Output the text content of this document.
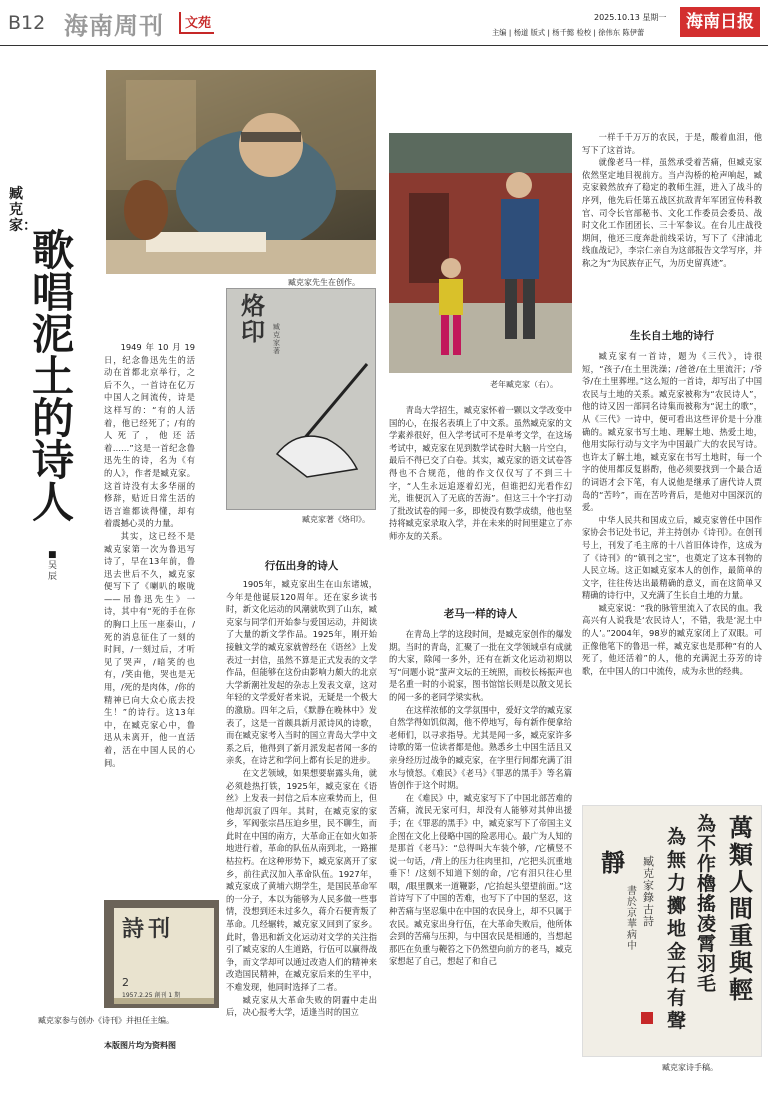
B12 海南周刊	文苑	2025.10.13 星期一
主编 | 杨道 版式 | 杨千懿 检校 | 徐伟东 陈伊蕾
海南日报
臧克家：
歌唱泥土的诗人
■ 吴辰
臧克家先生在创作。

1949年10月19日，纪念鲁迅先生的活动在首都北京举行，之后不久，一首诗在亿万中国人之间流传，诗是这样写的：“有的人活着，他已经死了；/有的人死了，他还活着……”这是一首纪念鲁迅先生的诗，名为《有的人》，作者是臧克家。这首诗没有太多华丽的修辞，贴近日常生活的语言谁都读得懂，却有着震撼心灵的力量。

其实，这已经不是臧克家第一次为鲁迅写诗了，早在13年前，鲁迅去世后不久，臧克家便写下了《喇叭的喉咙——吊鲁迅先生》一诗，其中有“死的手在你的胸口上压一座泰山，/死的消息征住了一刻的时间，/一刻过后，才听见了哭声，/暗笑的也有，/笑由他，哭也是无用，/死的是肉体，/你的精神已向大众心底去投生！”的诗行。这13年中，在臧克家心中，鲁迅从未离开，他一直活着，活在中国人民的心间。

烙印	臧克家著
臧克家著《烙印》。
老年臧克家（右）。
詩刊
2
1957.2.25 創刊 1 期
臧克家参与创办《诗刊》并担任主编。
本版图片均为资料图
行伍出身的诗人

1905年，臧克家出生在山东诸城，今年是他诞辰120周年。还在家乡读书时，新文化运动的风潮就吹到了山东，臧克家与同学们开始参与爱国运动，并阅读了大量的新文学作品。1925年，刚开始接触文学的臧克家就曾经在《语丝》上发表过一封信，虽然不算是正式发表的文学作品，但能够在这份由影响力颇大的北京大学新潮社发起的杂志上发表文章，这对年轻的文学爱好者来说，无疑是一个极大的激励。四年之后，《默静在晚林中》发表了，这是一首颇具新月派诗风的诗歌，而在臧克家考入当时的国立青岛大学中文系之后，他得到了新月派发起者闻一多的亲炙，在诗艺和学问上都有长足的进步。

在文艺领域，如果想要崭露头角，就必须趁热打铁，1925年，臧克家在《语丝》上发表一封信之后本应乘势而上，但他却沉寂了四年。其时，在臧克家的家乡，军阀张宗昌压迫乡里，民不聊生，而此时在中国的南方，大革命正在如火如荼地进行着，革命的队伍从南到北，一路摧枯拉朽。在这种形势下，臧克家离开了家乡，前往武汉加入革命队伍。1927年，臧克家成了黄埔六期学生，是国民革命军的一分子，本以为能够为人民多做一些事情，没想到还未过多久，蒋介石便背叛了革命。几经辗转，臧克家又回到了家乡。此时，鲁迅和新文化运动对文学的关注指引了臧克家的人生道路，行伍可以赢得战争，而文学却可以通过改造人们的精神来改造国民精神，在臧克家后来的生平中，不难发现，他同时选择了二者。

臧克家从大革命失败的阴霾中走出后，决心报考大学，适逢当时的国立

青岛大学招生，臧克家怀着一颗以文学改变中国的心，在报名表填上了中文系。虽然臧克家的文学素养很好，但入学考试可不是单考文学，在这场考试中，臧克家在见到数学试卷时大脑一片空白，最后不得已交了白卷。其实，臧克家的语文试卷答得也不合规范，他的作文仅仅写了不到三十字，“人生永远追逐着幻光，但谁把幻光看作幻光，谁便沉入了无底的苦海”。但这三十个字打动了批改试卷的闻一多，即使没有数学成绩，他也坚持将臧克家录取入学，并在未来的时间里建立了亦师亦友的关系。

老马一样的诗人

在青岛上学的这段时间，是臧克家创作的爆发期。当时的青岛，汇聚了一批在文学领域卓有成就的大家，除闻一多外，还有在新文化运动初期以写“问题小说”蜚声文坛的王统照，而校长杨振声也是名重一时的小说家，图书馆馆长则是以散文见长的闻一多的老同学梁实秋。

在这样浓郁的文学氛围中，爱好文学的臧克家自然学得如饥似渴，他不停地写，每有新作便拿给老师们，以寻求指导。尤其是闻一多，臧克家许多诗歌的第一位读者都是他。熟悉乡土中国生活且又亲身经历过战争的臧克家，在字里行间都充满了泪水与愤怒。《难民》《老马》《罪恶的黑手》等名篇皆创作于这个时期。

在《难民》中，臧克家写下了中国北部苦难的苦痛，流民无家可归，却没有人能够对其伸出援手；在《罪恶的黑手》中，臧克家写下了帝国主义企图在文化上侵略中国的险恶用心。最广为人知的是那首《老马》：“总得叫大车装个够，/它横竖不说一句话，/背上的压力往肉里扣，/它把头沉重地垂下！/这刻不知道下刻的命，/它有泪只往心里咽，/眼里飘来一道鞭影，/它抬起头望望前面。”这首诗写下了中国的苦难，也写下了中国的坚忍，这种苦痛与坚忍集中在中国的农民身上，却不只属于农民。臧克家出身行伍，在大革命失败后，他所体会到的苦痛与压抑，与中国农民是相通的，当想起那匹在负重与鞭笞之下仍然望向前方的老马，臧克家想起了自己，想起了和自己

一样千千万万的农民，于是，酸着血泪，他写下了这首诗。

就像老马一样，虽然承受着苦痛，但臧克家依然坚定地目视前方。当卢沟桥的枪声响起，臧克家毅然放弃了稳定的教师生涯，进入了战斗的序列，他先后任第五战区抗敌青年军团宣传科教官、司令长官部秘书、文化工作委员会委员、战时文化工作团团长、三十军参议。在台儿庄战役期间，他还三度奔赴前线采访，写下了《津浦北线血战记》，李宗仁亲自为这部报告文学写序，并称之为“为民族存正气，为历史留真迹”。

生长自土地的诗行

臧克家有一首诗，题为《三代》，诗很短，“孩子/在土里洗澡；/爸爸/在土里流汗；/爷爷/在土里葬埋。”这么短的一首诗，却写出了中国农民与土地的关系。臧克家被称为“农民诗人”，他的诗又因一部同名诗集而被称为“泥土的歌”，从《三代》一诗中，便可看出这些评价是十分准确的。臧克家书写土地、理解土地、热爱土地，他用实际行动与文字为中国最广大的农民写诗。也许太了解土地，臧克家在书写土地时，每一个字的使用都反复斟酌，他必须要找到一个最合适的词语才会下笔，有人说他是继承了唐代诗人贾岛的“苦吟”，而在苦吟背后，是他对中国深沉的爱。

中华人民共和国成立后，臧克家曾任中国作家协会书记处书记，并主持创办《诗刊》。在创刊号上，刊发了毛主席的十八首旧体诗作，这成为了《诗刊》的“镇刊之宝”，也奠定了这本刊物的人民立场。这正如臧克家本人的创作，最简单的文字，往往传达出最精确的意义，而在这简单又精确的诗行中，又充满了生长自土地的力量。

臧克家说：“我的脉管里流入了农民的血。我高兴有人说我是‘农民诗人’，不错，我是‘泥土中的人’。”2004年，98岁的臧克家闭上了双眼。可正像他笔下的鲁迅一样，臧克家也是那种“有的人死了，他还活着”的人，他的充满泥土芬芳的诗歌，在中国人的口中流传，成为永世的经典。

萬類人間重與輕
為不作櫓搖凌霄羽毛
為無力擲地金石有聲
靜 臧克家 錄 古詩
書於京華 病中
臧克家诗手稿。
